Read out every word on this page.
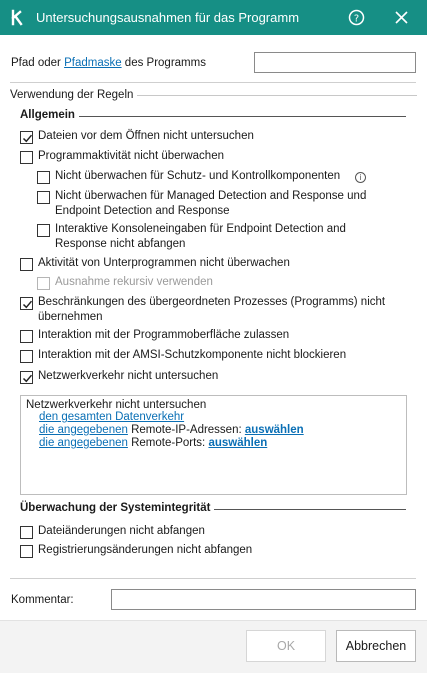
Untersuchungsausnahmen für das Programm	?
Pfad oder Pfadmaske des Programms
Verwendung der Regeln
Allgemein
Dateien vor dem Öffnen nicht untersuchen
Programmaktivität nicht überwachen
Nicht überwachen für Schutz- und Kontrollkomponenten	i
Nicht überwachen für Managed Detection and Response und
Endpoint Detection and Response
Interaktive Konsoleneingaben für Endpoint Detection and
Response nicht abfangen
Aktivität von Unterprogrammen nicht überwachen
Ausnahme rekursiv verwenden
Beschränkungen des übergeordneten Prozesses (Programms) nicht
übernehmen
Interaktion mit der Programmoberfläche zulassen
Interaktion mit der AMSI-Schutzkomponente nicht blockieren
Netzwerkverkehr nicht untersuchen
Netzwerkverkehr nicht untersuchen
den gesamten Datenverkehr
die angegebenen Remote-IP-Adressen: auswählen
die angegebenen Remote-Ports: auswählen
Überwachung der Systemintegrität
Dateiänderungen nicht abfangen
Registrierungsänderungen nicht abfangen
Kommentar:
OK	Abbrechen
